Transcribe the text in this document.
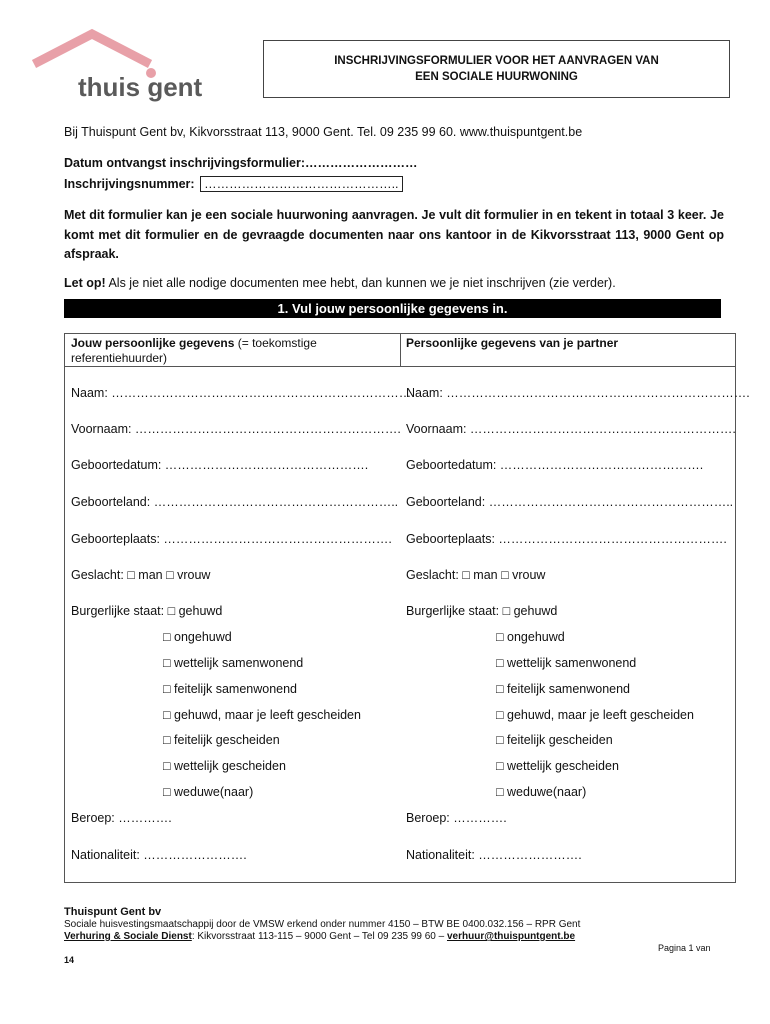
thuis gent
INSCHRIJVINGSFORMULIER VOOR HET AANVRAGEN VAN
EEN SOCIALE HUURWONING
Bij Thuispunt Gent bv, Kikvorsstraat 113, 9000 Gent. Tel. 09 235 99 60. www.thuispuntgent.be
Datum ontvangst inschrijvingsformulier:………………………
Inschrijvingsnummer: ………………………………………..
Met dit formulier kan je een sociale huurwoning aanvragen. Je vult dit formulier in en tekent in totaal 3 keer. Je komt met dit formulier en de gevraagde documenten naar ons kantoor in de Kikvorsstraat 113, 9000 Gent op afspraak.
Let op! Als je niet alle nodige documenten mee hebt, dan kunnen we je niet inschrijven (zie verder).
1. Vul jouw persoonlijke gegevens in.
Jouw persoonlijke gegevens (= toekomstige referentiehuurder)
Persoonlijke gegevens van je partner
Naam: ……………………………………………………………….
Voornaam: ……………………………………………………….
Geboortedatum: ………………………………………….
Geboorteland: …………………………………………………..
Geboorteplaats: ……………………………………………….
Geslacht: □ man □ vrouw
Burgerlijke staat: □ gehuwd
□ ongehuwd
□ wettelijk samenwonend
□ feitelijk samenwonend
□ gehuwd, maar je leeft gescheiden
□ feitelijk gescheiden
□ wettelijk gescheiden
□ weduwe(naar)
Beroep: ………….
Nationaliteit: …………………….
Naam: ……………………………………………………………….
Voornaam: ……………………………………………………….
Geboortedatum: ………………………………………….
Geboorteland: …………………………………………………..
Geboorteplaats: ……………………………………………….
Geslacht: □ man □ vrouw
Burgerlijke staat: □ gehuwd
□ ongehuwd
□ wettelijk samenwonend
□ feitelijk samenwonend
□ gehuwd, maar je leeft gescheiden
□ feitelijk gescheiden
□ wettelijk gescheiden
□ weduwe(naar)
Beroep: ………….
Nationaliteit: …………………….
Thuispunt Gent bv
Sociale huisvestingsmaatschappij door de VMSW erkend onder nummer 4150 – BTW BE 0400.032.156 – RPR Gent
Verhuring & Sociale Dienst: Kikvorsstraat 113-115 – 9000 Gent – Tel 09 235 99 60 – verhuur@thuispuntgent.be
Pagina 1 van
14
